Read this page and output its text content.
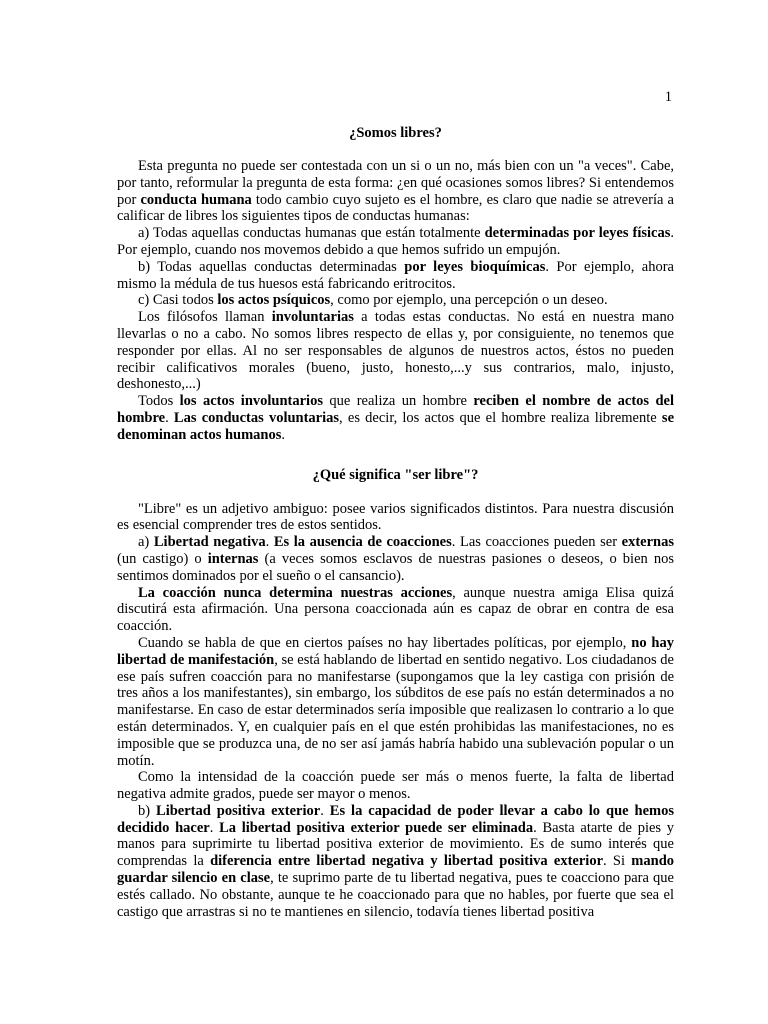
1
¿Somos libres?

Esta pregunta no puede ser contestada con un si o un no, más bien con un "a veces". Cabe, por tanto, reformular la pregunta de esta forma: ¿en qué ocasiones somos libres? Si entendemos por conducta humana todo cambio cuyo sujeto es el hombre, es claro que nadie se atrevería a calificar de libres los siguientes tipos de conductas humanas:

a) Todas aquellas conductas humanas que están totalmente determinadas por leyes físicas. Por ejemplo, cuando nos movemos debido a que hemos sufrido un empujón.

b) Todas aquellas conductas determinadas por leyes bioquímicas. Por ejemplo, ahora mismo la médula de tus huesos está fabricando eritrocitos.

c) Casi todos los actos psíquicos, como por ejemplo, una percepción o un deseo.

Los filósofos llaman involuntarias a todas estas conductas. No está en nuestra mano llevarlas o no a cabo. No somos libres respecto de ellas y, por consiguiente, no tenemos que responder por ellas. Al no ser responsables de algunos de nuestros actos, éstos no pueden recibir calificativos morales (bueno, justo, honesto,...y sus contrarios, malo, injusto, deshonesto,...)

Todos los actos involuntarios que realiza un hombre reciben el nombre de actos del hombre. Las conductas voluntarias, es decir, los actos que el hombre realiza libremente se denominan actos humanos.

¿Qué significa "ser libre"?

"Libre" es un adjetivo ambiguo: posee varios significados distintos. Para nuestra discusión es esencial comprender tres de estos sentidos.

a) Libertad negativa. Es la ausencia de coacciones. Las coacciones pueden ser externas (un castigo) o internas (a veces somos esclavos de nuestras pasiones o deseos, o bien nos sentimos dominados por el sueño o el cansancio).

La coacción nunca determina nuestras acciones, aunque nuestra amiga Elisa quizá discutirá esta afirmación. Una persona coaccionada aún es capaz de obrar en contra de esa coacción.

Cuando se habla de que en ciertos países no hay libertades políticas, por ejemplo, no hay libertad de manifestación, se está hablando de libertad en sentido negativo. Los ciudadanos de ese país sufren coacción para no manifestarse (supongamos que la ley castiga con prisión de tres años a los manifestantes), sin embargo, los súbditos de ese país no están determinados a no manifestarse. En caso de estar determinados sería imposible que realizasen lo contrario a lo que están determinados. Y, en cualquier país en el que estén prohibidas las manifestaciones, no es imposible que se produzca una, de no ser así jamás habría habido una sublevación popular o un motín.

Como la intensidad de la coacción puede ser más o menos fuerte, la falta de libertad negativa admite grados, puede ser mayor o menos.

b) Libertad positiva exterior. Es la capacidad de poder llevar a cabo lo que hemos decidido hacer. La libertad positiva exterior puede ser eliminada. Basta atarte de pies y manos para suprimirte tu libertad positiva exterior de movimiento. Es de sumo interés que comprendas la diferencia entre libertad negativa y libertad positiva exterior. Si mando guardar silencio en clase, te suprimo parte de tu libertad negativa, pues te coacciono para que estés callado. No obstante, aunque te he coaccionado para que no hables, por fuerte que sea el castigo que arrastras si no te mantienes en silencio, todavía tienes libertad positiva
